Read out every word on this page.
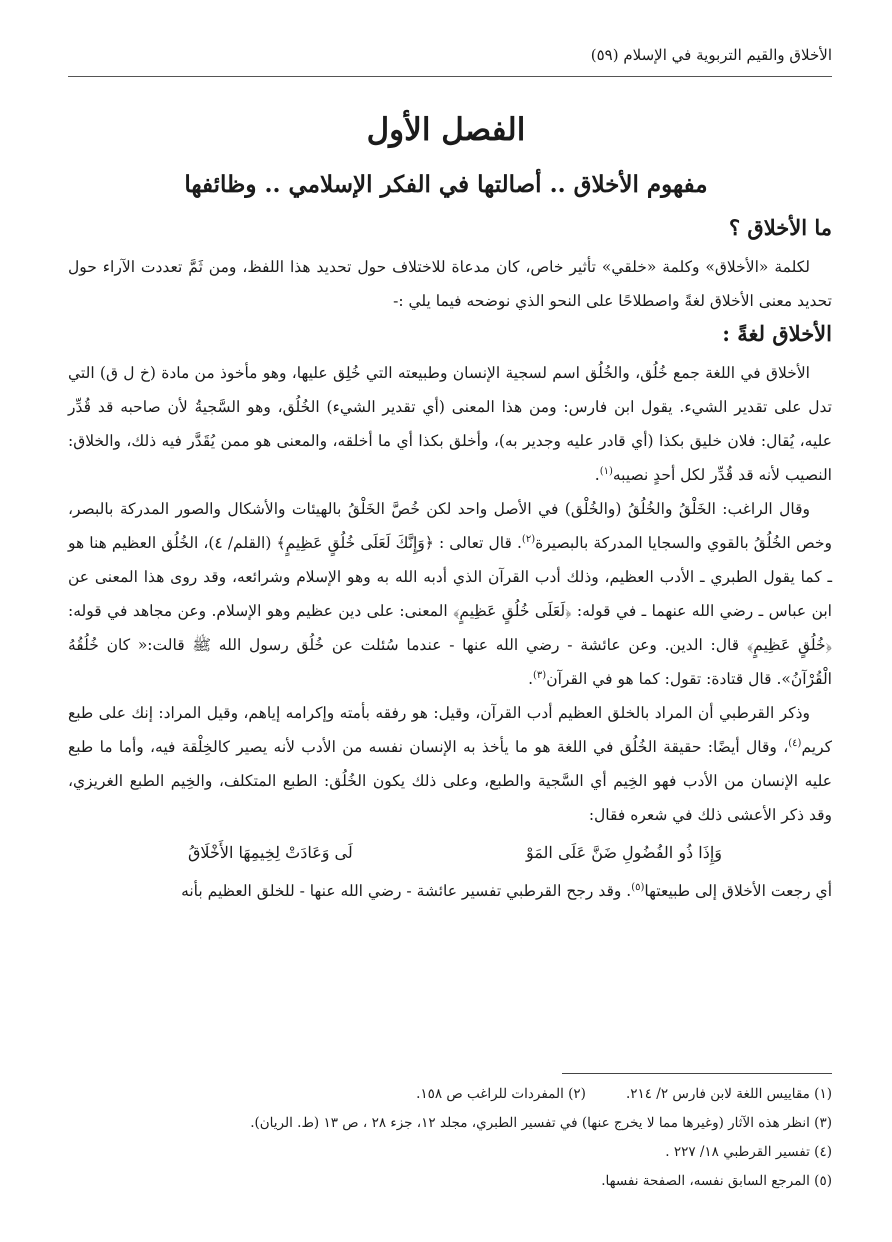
الأخلاق والقيم التربوية في الإسلام (٥٩)
الفصل الأول
مفهوم الأخلاق .. أصالتها في الفكر الإسلامي .. وظائفها
ما الأخلاق ؟

لكلمة «الأخلاق» وكلمة «خلقي» تأثير خاص، كان مدعاة للاختلاف حول تحديد هذا اللفظ، ومن ثَمَّ تعددت الآراء حول تحديد معنى الأخلاق لغةً واصطلاحًا على النحو الذي نوضحه فيما يلي :-

الأخلاق لغةً :

الأخلاق في اللغة جمع خُلُق، والخُلُق اسم لسجية الإنسان وطبيعته التي خُلِق عليها، وهو مأخوذ من مادة (خ ل ق) التي تدل على تقدير الشيء. يقول ابن فارس: ومن هذا المعنى (أي تقدير الشيء) الخُلُق، وهو السَّجيةُ لأن صاحبه قد قُدِّر عليه، يُقال: فلان خليق بكذا (أي قادر عليه وجدير به)، وأخلق بكذا أي ما أخلقه، والمعنى هو ممن يُقَدَّر فيه ذلك، والخلاق: النصيب لأنه قد قُدِّر لكل أحدٍ نصيبه$^{(١)}$.

وقال الراغب: الخَلْقُ والخُلُقُ (والخُلْق) في الأصل واحد لكن خُصَّ الخَلْقُ بالهيئات والأشكال والصور المدركة بالبصر، وخص الخُلُقُ بالقوي والسجايا المدركة بالبصيرة$^{(٢)}$. قال تعالى : ﴿وَإِنَّكَ لَعَلَى خُلُقٍ عَظِيمٍ﴾ (القلم/ ٤)، الخُلُق العظيم هنا هو ـ كما يقول الطبري ـ الأدب العظيم، وذلك أدب القرآن الذي أدبه الله به وهو الإسلام وشرائعه، وقد روى هذا المعنى عن ابن عباس ـ رضي الله عنهما ـ في قوله: ﴿لَعَلَى خُلُقٍ عَظِيمٍ﴾ المعنى: على دين عظيم وهو الإسلام. وعن مجاهد في قوله: ﴿خُلُقٍ عَظِيمٍ﴾ قال: الدين. وعن عائشة - رضي الله عنها - عندما سُئلت عن خُلُق رسول الله ﷺ قالت:« كان خُلُقُهُ الْقُرْآنُ». قال قتادة: تقول: كما هو في القرآن$^{(٣)}$.

وذكر القرطبي أن المراد بالخلق العظيم أدب القرآن، وقيل: هو رفقه بأمته وإكرامه إياهم، وقيل المراد: إنك على طبع كريم$^{(٤)}$، وقال أيضًا: حقيقة الخُلُق في اللغة هو ما يأخذ به الإنسان نفسه من الأدب لأنه يصير كالخِلْقة فيه، وأما ما طبع عليه الإنسان من الأدب فهو الخِيم أي السَّجية والطبع، وعلى ذلك يكون الخُلُق: الطبع المتكلف، والخِيم الطبع الغريزي، وقد ذكر الأعشى ذلك في شعره فقال:

وَإِذَا ذُو الفُضُولِ ضَنَّ عَلَى المَوْ
لَى وَعَادَتْ لِخِيمِهَا الأَخْلَاقُ

أي رجعت الأخلاق إلى طبيعتها$^{(٥)}$. وقد رجح القرطبي تفسير عائشة - رضي الله عنها - للخلق العظيم بأنه

(١) مقاييس اللغة لابن فارس ٢/ ٢١٤.

(٢) المفردات للراغب ص ١٥٨.

(٣) انظر هذه الآثار (وغيرها مما لا يخرج عنها) في تفسير الطبري، مجلد ١٢، جزء ٢٨ ، ص ١٣ (ط. الريان).

(٤) تفسير القرطبي ١٨/ ٢٢٧ .

(٥) المرجع السابق نفسه، الصفحة نفسها.
